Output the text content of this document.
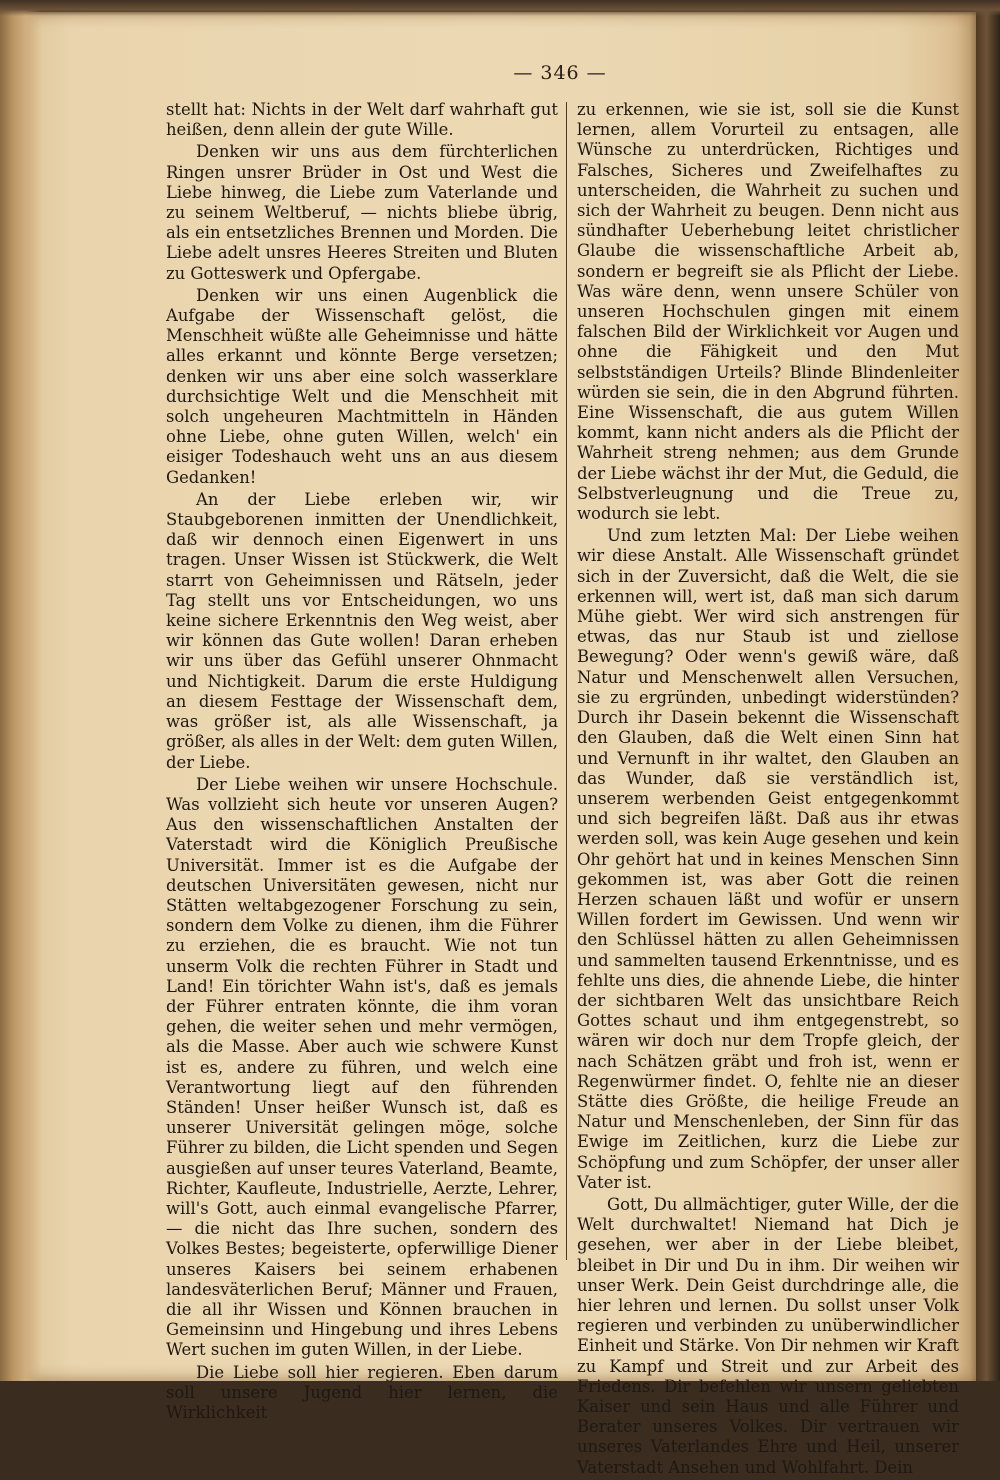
— 346 —

stellt hat: Nichts in der Welt darf wahrhaft gut heißen, denn allein der gute Wille.

Denken wir uns aus dem fürchterlichen Ringen unsrer Brüder in Ost und West die Liebe hinweg, die Liebe zum Vaterlande und zu seinem Weltberuf, — nichts bliebe übrig, als ein entsetzliches Brennen und Morden. Die Liebe adelt unsres Heeres Streiten und Bluten zu Gotteswerk und Opfergabe.

Denken wir uns einen Augenblick die Aufgabe der Wissenschaft gelöst, die Menschheit wüßte alle Geheimnisse und hätte alles erkannt und könnte Berge versetzen; denken wir uns aber eine solch wasserklare durchsichtige Welt und die Menschheit mit solch ungeheuren Machtmitteln in Händen ohne Liebe, ohne guten Willen, welch' ein eisiger Todeshauch weht uns an aus diesem Gedanken!

An der Liebe erleben wir, wir Staubgeborenen inmitten der Unendlichkeit, daß wir dennoch einen Eigenwert in uns tragen. Unser Wissen ist Stückwerk, die Welt starrt von Geheimnissen und Rätseln, jeder Tag stellt uns vor Entscheidungen, wo uns keine sichere Erkenntnis den Weg weist, aber wir können das Gute wollen! Daran erheben wir uns über das Gefühl unserer Ohnmacht und Nichtigkeit. Darum die erste Huldigung an diesem Festtage der Wissenschaft dem, was größer ist, als alle Wissenschaft, ja größer, als alles in der Welt: dem guten Willen, der Liebe.

Der Liebe weihen wir unsere Hochschule. Was vollzieht sich heute vor unseren Augen? Aus den wissenschaftlichen Anstalten der Vaterstadt wird die Königlich Preußische Universität. Immer ist es die Aufgabe der deutschen Universitäten gewesen, nicht nur Stätten weltabgezogener Forschung zu sein, sondern dem Volke zu dienen, ihm die Führer zu erziehen, die es braucht. Wie not tun unserm Volk die rechten Führer in Stadt und Land! Ein törichter Wahn ist's, daß es jemals der Führer entraten könnte, die ihm voran gehen, die weiter sehen und mehr vermögen, als die Masse. Aber auch wie schwere Kunst ist es, andere zu führen, und welch eine Verantwortung liegt auf den führenden Ständen! Unser heißer Wunsch ist, daß es unserer Universität gelingen möge, solche Führer zu bilden, die Licht spenden und Segen ausgießen auf unser teures Vaterland, Beamte, Richter, Kaufleute, Industrielle, Aerzte, Lehrer, will's Gott, auch einmal evangelische Pfarrer, — die nicht das Ihre suchen, sondern des Volkes Bestes; begeisterte, opferwillige Diener unseres Kaisers bei seinem erhabenen landesväterlichen Beruf; Männer und Frauen, die all ihr Wissen und Können brauchen in Gemeinsinn und Hingebung und ihres Lebens Wert suchen im guten Willen, in der Liebe.

Die Liebe soll hier regieren. Eben darum soll unsere Jugend hier lernen, die Wirklichkeit

zu erkennen, wie sie ist, soll sie die Kunst lernen, allem Vorurteil zu entsagen, alle Wünsche zu unterdrücken, Richtiges und Falsches, Sicheres und Zweifelhaftes zu unterscheiden, die Wahrheit zu suchen und sich der Wahrheit zu beugen. Denn nicht aus sündhafter Ueberhebung leitet christlicher Glaube die wissenschaftliche Arbeit ab, sondern er begreift sie als Pflicht der Liebe. Was wäre denn, wenn unsere Schüler von unseren Hochschulen gingen mit einem falschen Bild der Wirklichkeit vor Augen und ohne die Fähigkeit und den Mut selbstständigen Urteils? Blinde Blindenleiter würden sie sein, die in den Abgrund führten. Eine Wissenschaft, die aus gutem Willen kommt, kann nicht anders als die Pflicht der Wahrheit streng nehmen; aus dem Grunde der Liebe wächst ihr der Mut, die Geduld, die Selbstverleugnung und die Treue zu, wodurch sie lebt.

Und zum letzten Mal: Der Liebe weihen wir diese Anstalt. Alle Wissenschaft gründet sich in der Zuversicht, daß die Welt, die sie erkennen will, wert ist, daß man sich darum Mühe giebt. Wer wird sich anstrengen für etwas, das nur Staub ist und ziellose Bewegung? Oder wenn's gewiß wäre, daß Natur und Menschenwelt allen Versuchen, sie zu ergründen, unbedingt widerstünden? Durch ihr Dasein bekennt die Wissenschaft den Glauben, daß die Welt einen Sinn hat und Vernunft in ihr waltet, den Glauben an das Wunder, daß sie verständlich ist, unserem werbenden Geist entgegenkommt und sich begreifen läßt. Daß aus ihr etwas werden soll, was kein Auge gesehen und kein Ohr gehört hat und in keines Menschen Sinn gekommen ist, was aber Gott die reinen Herzen schauen läßt und wofür er unsern Willen fordert im Gewissen. Und wenn wir den Schlüssel hätten zu allen Geheimnissen und sammelten tausend Erkenntnisse, und es fehlte uns dies, die ahnende Liebe, die hinter der sichtbaren Welt das unsichtbare Reich Gottes schaut und ihm entgegenstrebt, so wären wir doch nur dem Tropfe gleich, der nach Schätzen gräbt und froh ist, wenn er Regenwürmer findet. O, fehlte nie an dieser Stätte dies Größte, die heilige Freude an Natur und Menschenleben, der Sinn für das Ewige im Zeitlichen, kurz die Liebe zur Schöpfung und zum Schöpfer, der unser aller Vater ist.

Gott, Du allmächtiger, guter Wille, der die Welt durchwaltet! Niemand hat Dich je gesehen, wer aber in der Liebe bleibet, bleibet in Dir und Du in ihm. Dir weihen wir unser Werk. Dein Geist durchdringe alle, die hier lehren und lernen. Du sollst unser Volk regieren und verbinden zu unüberwindlicher Einheit und Stärke. Von Dir nehmen wir Kraft zu Kampf und Streit und zur Arbeit des Friedens. Dir befehlen wir unsern geliebten Kaiser und sein Haus und alle Führer und Berater unseres Volkes. Dir vertrauen wir unseres Vaterlandes Ehre und Heil, unserer Vaterstadt Ansehen und Wohlfahrt. Dein
